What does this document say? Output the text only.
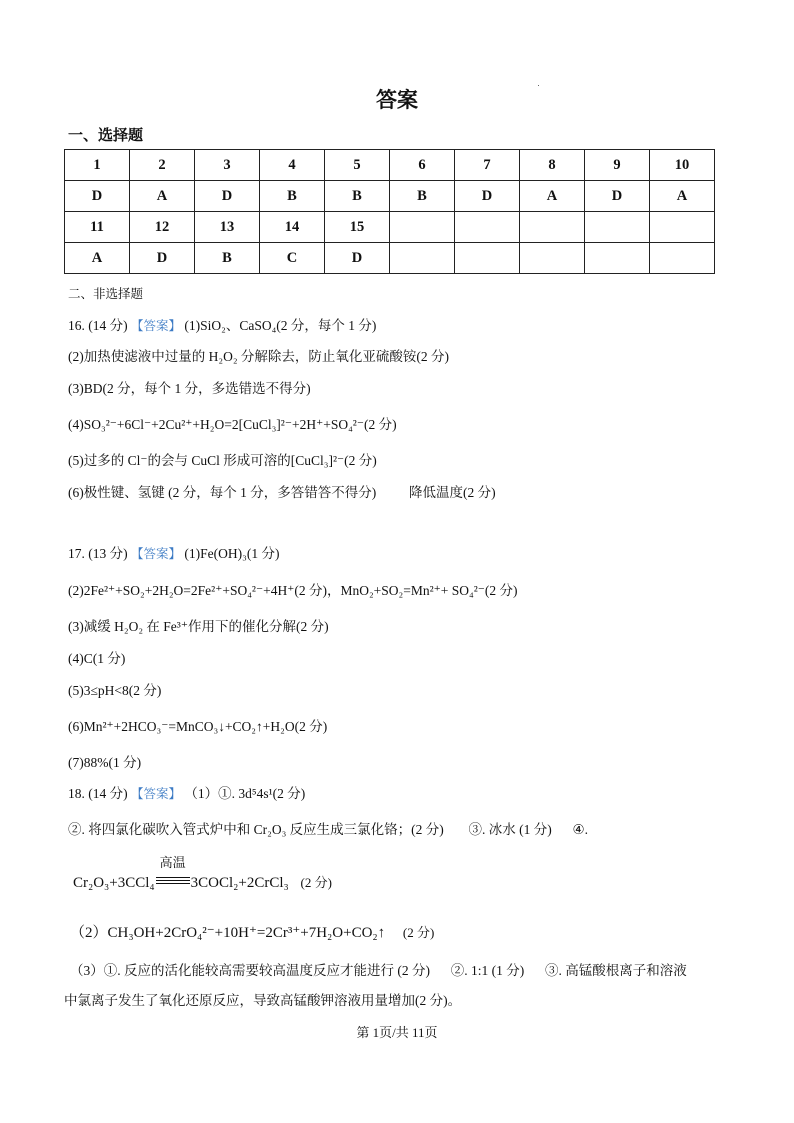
答案
一、选择题
1	2	3	4	5	6	7	8	9	10
D	A	D	B	B	B	D	A	D	A
11	12	13	14	15					
A	D	B	C	D					
二、非选择题
16. (14 分) 【答案】 (1)SiO₂、CaSO₄(2 分，每个 1 分)
(2)加热使滤液中过量的 H₂O₂ 分解除去，防止氧化亚硫酸铵(2 分)
(3)BD(2 分，每个 1 分，多选错选不得分)
(4)SO₃²⁻+6Cl⁻+2Cu²⁺+H₂O=2[CuCl₃]²⁻+2H⁺+SO₄²⁻(2 分)
(5)过多的 Cl⁻的会与 CuCl 形成可溶的[CuCl₃]²⁻(2 分)
(6)极性键、氢键 (2 分，每个 1 分，多答错答不得分) 降低温度(2 分)
17. (13 分) 【答案】 (1)Fe(OH)₃(1 分)
(2)2Fe²⁺+SO₂+2H₂O=2Fe²⁺+SO₄²⁻+4H⁺(2 分)，MnO₂+SO₂=Mn²⁺+ SO₄²⁻(2 分)
(3)减缓 H₂O₂ 在 Fe³⁺作用下的催化分解(2 分)
(4)C(1 分)
(5)3≤pH<8(2 分)
(6)Mn²⁺+2HCO₃⁻=MnCO₃↓+CO₂↑+H₂O(2 分)
(7)88%(1 分)
18. (14 分) 【答案】 （1）①. 3d⁵4s¹(2 分)
②. 将四氯化碳吹入管式炉中和 Cr₂O₃ 反应生成三氯化铬；(2 分) ③. 冰水 (1 分) ④.
Cr₂O₃+3CCl₄
高温
3COCl₂+2CrCl₃ (2 分)
（2）CH₃OH+2CrO₄²⁻+10H⁺=2Cr³⁺+7H₂O+CO₂↑ (2 分)
（3）①. 反应的活化能较高需要较高温度反应才能进行 (2 分) ②. 1:1 (1 分) ③. 高锰酸根离子和溶液
中氯离子发生了氧化还原反应，导致高锰酸钾溶液用量增加(2 分)。
第 1页/共 11页
